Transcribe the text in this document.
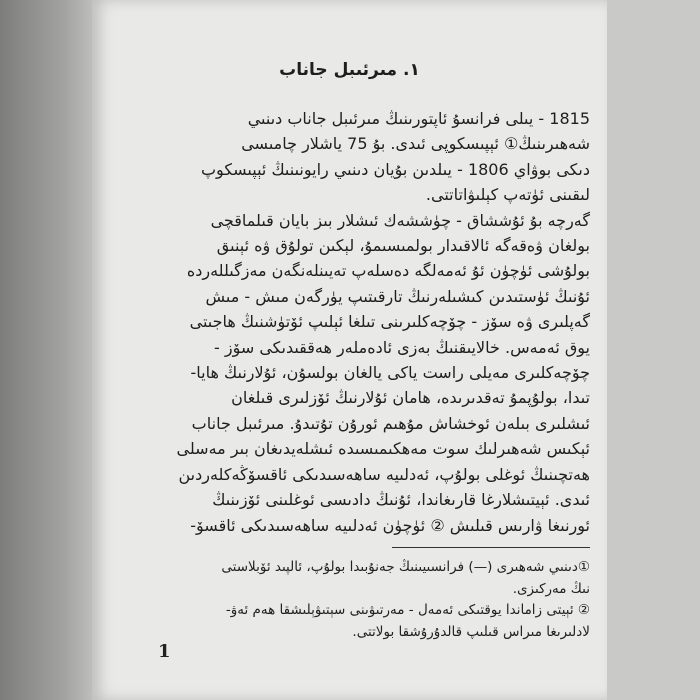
١. مىرئىبل جاناب

1815 - يىلى فرانسۇ ئاپتورىنىڭ مىرئىبل جاناب دىنىي

شەھىرىنىڭ① ئېپىسكوپى ئىدى. بۇ 75 ياشلار چامىسى

دىكى بوۋاي 1806 - يىلدىن بۇيان دىنىي رايونىنىڭ ئېپىسكوپ

لىقىنى ئۈتەپ كېلىۋاتاتتى.

گەرچە بۇ ئۇششاق - چۈششەك ئىشلار بىز بايان قىلماقچى

بولغان ۋەقەگە ئالاقىدار بولمىسىمۇ، لېكىن تولۇق ۋە ئېنىق

بولۇشى ئۈچۈن ئۇ ئەمەلگە دەسلەپ تەيىنلەنگەن مەزگىللەردە

ئۇنىڭ ئۈستىدىن كىشىلەرنىڭ تارقىتىپ يۈرگەن مىش - مىش

گەپلىرى ۋە سۆز - چۆچەكلىرىنى تىلغا ئېلىپ ئۆتۈشنىڭ ھاجىتى

يوق ئەمەس. خالايىقنىڭ بەزى ئادەملەر ھەققىدىكى سۆز -

چۆچەكلىرى مەيلى راست ياكى يالغان بولسۇن، ئۇلارنىڭ ھايا-

تىدا، بولۇپمۇ تەقدىرىدە، ھامان ئۇلارنىڭ ئۆزلىرى قىلغان

ئىشلىرى بىلەن ئوخشاش مۇھىم ئورۇن تۇتىدۇ. مىرئىبل جاناب

ئېكىس شەھىرلىك سوت مەھكىمىسىدە ئىشلەيدىغان بىر مەسلى

ھەتچىنىڭ ئوغلى بولۇپ، ئەدلىيە ساھەسىدىكى ئاقسۆڭەكلەردىن

ئىدى. ئېيتىشلارغا قارىغاندا، ئۇنىڭ دادىسى ئوغلىنى ئۆزىنىڭ

ئورنىغا ۋارىس قىلىش ② ئۈچۈن ئەدلىيە ساھەسىدىكى ئاقسۆ-

①دىنىي شەھىرى (—) فرانسىيىنىڭ جەنۇبىدا بولۇپ، ئالپىد ئۆبلاستى

نىڭ مەركىزى.

② ئېيتى زاماندا يوقتىكى ئەمەل - مەرتىۋىنى سېتىۋېلىشقا ھەم ئەۋ-

لادلىرىغا مىراس قىلىپ قالدۇرۇشقا بولاتتى.

1
